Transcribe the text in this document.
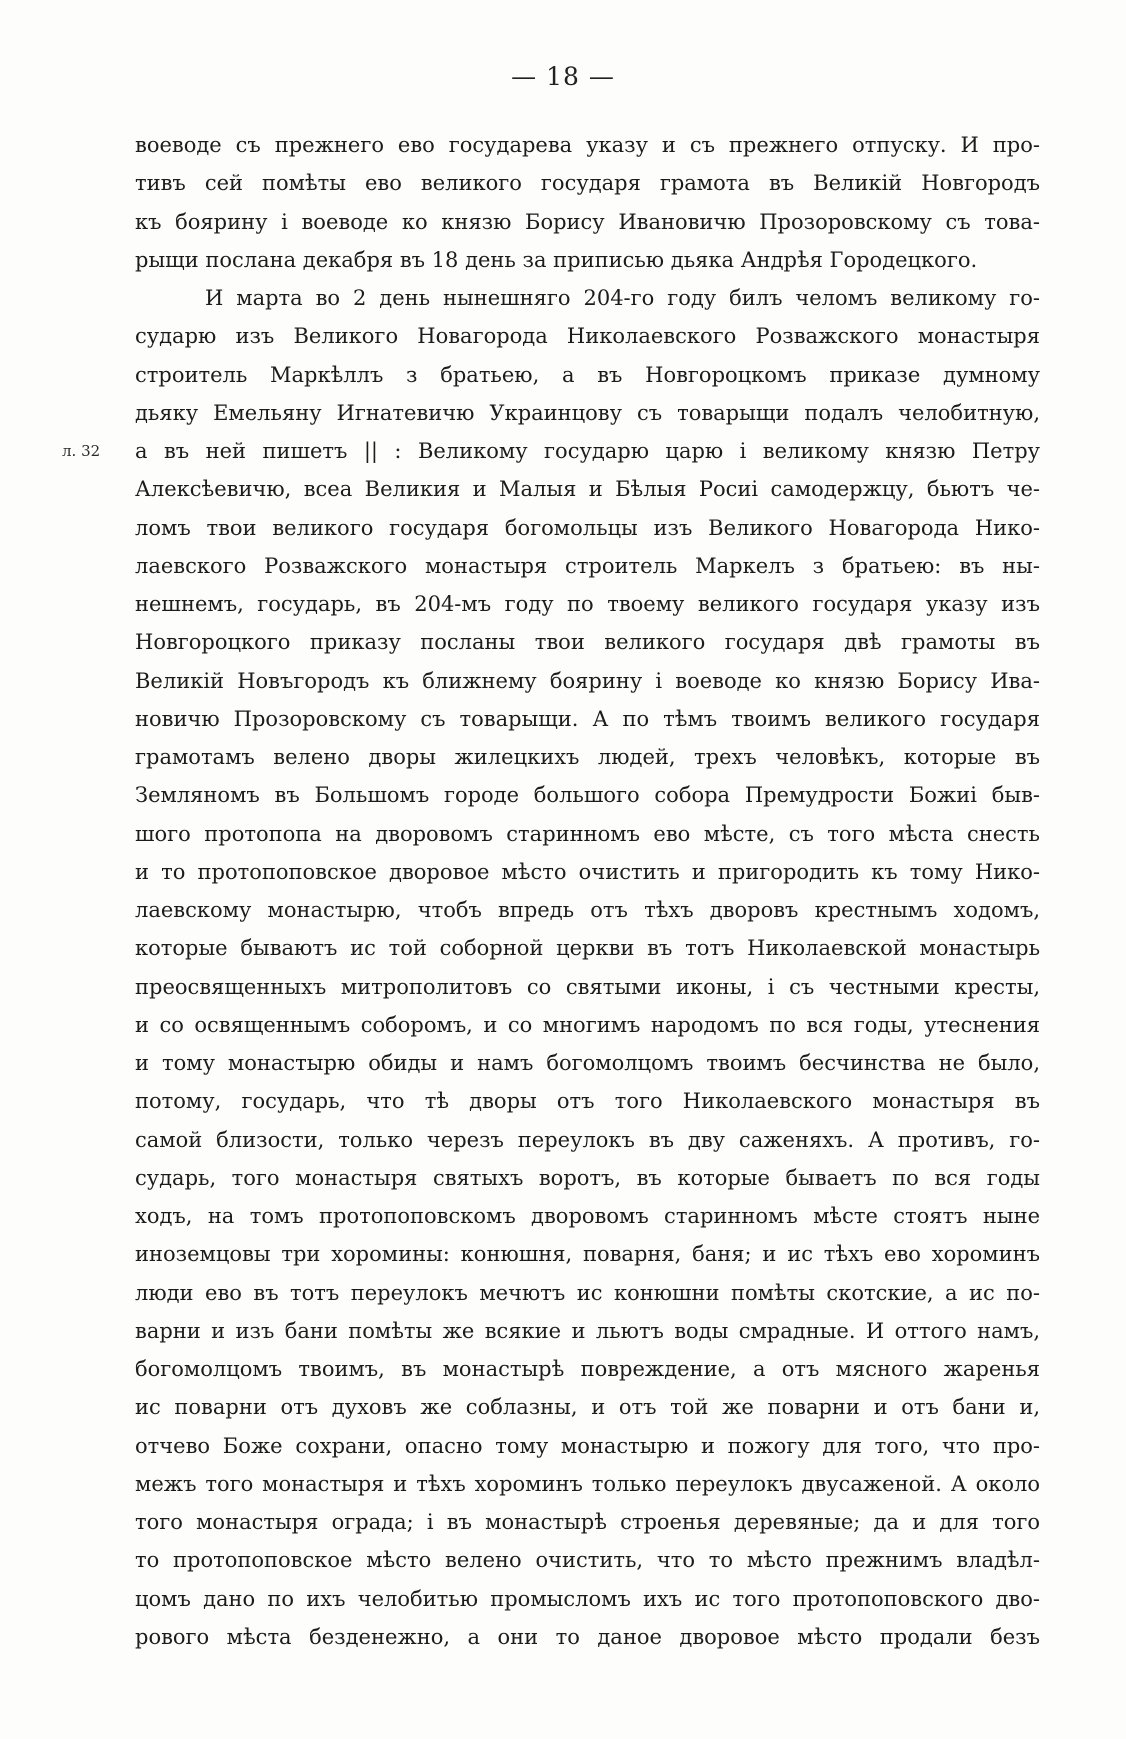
— 18 —
л. 32
воеводе съ прежнего ево государева указу и съ прежнего отпуску. И про-
тивъ сей помѣты ево великого государя грамота въ Великій Новгородъ
къ боярину і воеводе ко князю Борису Ивановичю Прозоровскому съ това-
рыщи послана декабря въ 18 день за приписью дьяка Андрѣя Городецкого.
И марта во 2 день нынешняго 204-го году билъ челомъ великому го-
сударю изъ Великого Новагорода Николаевского Розважского монастыря
строитель Маркѣллъ з братьею, а въ Новгороцкомъ приказе думному
дьяку Емельяну Игнатевичю Украинцову съ товарыщи подалъ челобитную,
а въ ней пишетъ || : Великому государю царю і великому князю Петру
Алексѣевичю, всеа Великия и Малыя и Бѣлыя Росиі самодержцу, бьютъ че-
ломъ твои великого государя богомольцы изъ Великого Новагорода Нико-
лаевского Розважского монастыря строитель Маркелъ з братьею: въ ны-
нешнемъ, государь, въ 204-мъ году по твоему великого государя указу изъ
Новгороцкого приказу посланы твои великого государя двѣ грамоты въ
Великій Новъгородъ къ ближнему боярину і воеводе ко князю Борису Ива-
новичю Прозоровскому съ товарыщи. А по тѣмъ твоимъ великого государя
грамотамъ велено дворы жилецкихъ людей, трехъ человѣкъ, которые въ
Земляномъ въ Большомъ городе большого собора Премудрости Божиі быв-
шого протопопа на дворовомъ старинномъ ево мѣсте, съ того мѣста снесть
и то протопоповское дворовое мѣсто очистить и пригородить къ тому Нико-
лаевскому монастырю, чтобъ впредь отъ тѣхъ дворовъ крестнымъ ходомъ,
которые бываютъ ис той соборной церкви въ тотъ Николаевской монастырь
преосвященныхъ митрополитовъ со святыми иконы, і съ честными кресты,
и со освященнымъ соборомъ, и со многимъ народомъ по вся годы, утеснения
и тому монастырю обиды и намъ богомолцомъ твоимъ бесчинства не было,
потому, государь, что тѣ дворы отъ того Николаевского монастыря въ
самой близости, только черезъ переулокъ въ дву саженяхъ. А противъ, го-
сударь, того монастыря святыхъ воротъ, въ которые бываетъ по вся годы
ходъ, на томъ протопоповскомъ дворовомъ старинномъ мѣсте стоятъ ныне
иноземцовы три хоромины: конюшня, поварня, баня; и ис тѣхъ ево хороминъ
люди ево въ тотъ переулокъ мечютъ ис конюшни помѣты скотские, а ис по-
варни и изъ бани помѣты же всякие и льютъ воды смрадные. И оттого намъ,
богомолцомъ твоимъ, въ монастырѣ повреждение, а отъ мясного жаренья
ис поварни отъ духовъ же соблазны, и отъ той же поварни и отъ бани и,
отчево Боже сохрани, опасно тому монастырю и пожогу для того, что про-
межъ того монастыря и тѣхъ хороминъ только переулокъ двусаженой. А около
того монастыря ограда; і въ монастырѣ строенья деревяные; да и для того
то протопоповское мѣсто велено очистить, что то мѣсто прежнимъ владѣл-
цомъ дано по ихъ челобитью промысломъ ихъ ис того протопоповского дво-
рового мѣста безденежно, а они то даное дворовое мѣсто продали безъ
